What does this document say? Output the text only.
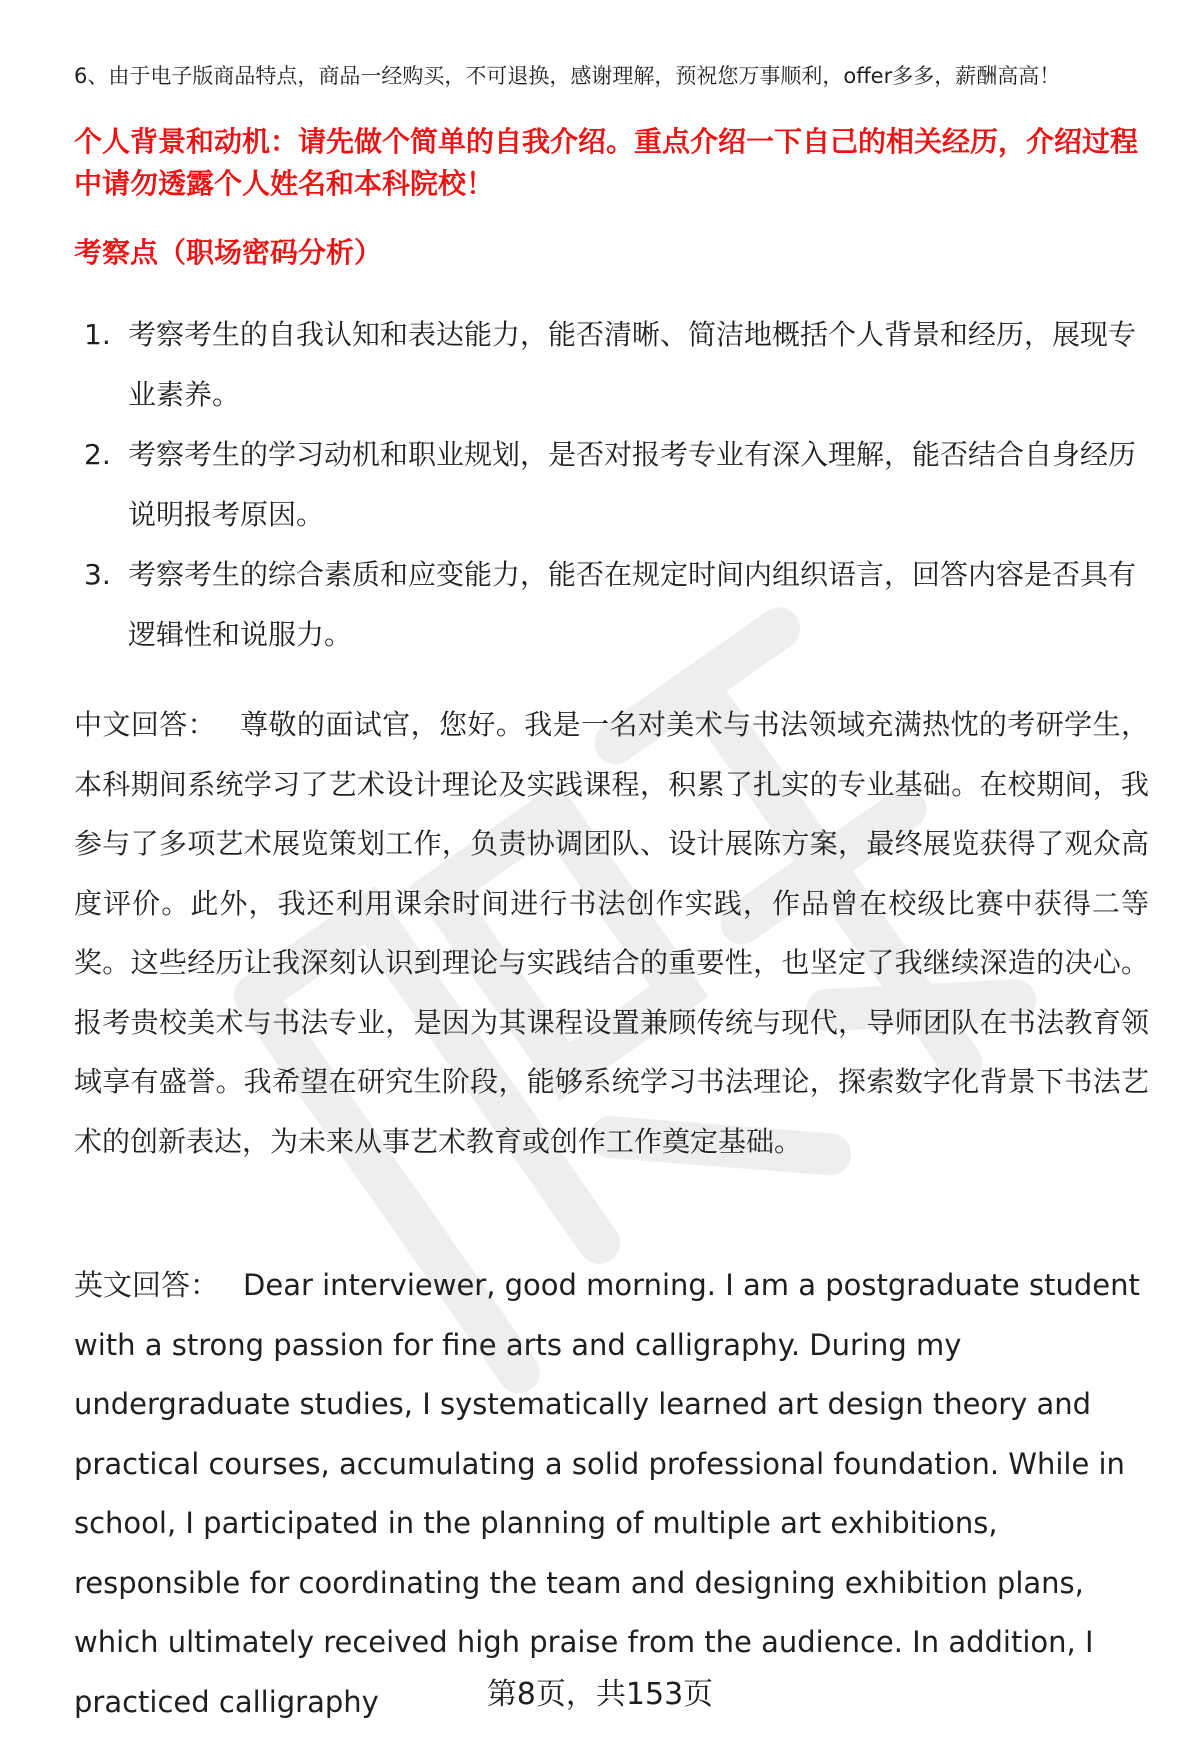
6、由于电子版商品特点，商品一经购买，不可退换，感谢理解，预祝您万事顺利，offer多多，薪酬高高！
个人背景和动机：请先做个简单的自我介绍。重点介绍一下自己的相关经历，介绍过程中请勿透露个人姓名和本科院校！
考察点（职场密码分析）
1. 考察考生的自我认知和表达能力，能否清晰、简洁地概括个人背景和经历，展现专业素养。
2. 考察考生的学习动机和职业规划，是否对报考专业有深入理解，能否结合自身经历说明报考原因。
3. 考察考生的综合素质和应变能力，能否在规定时间内组织语言，回答内容是否具有逻辑性和说服力。
中文回答： 尊敬的面试官，您好。我是一名对美术与书法领域充满热忱的考研学生，本科期间系统学习了艺术设计理论及实践课程，积累了扎实的专业基础。在校期间，我参与了多项艺术展览策划工作，负责协调团队、设计展陈方案，最终展览获得了观众高度评价。此外，我还利用课余时间进行书法创作实践，作品曾在校级比赛中获得二等奖。这些经历让我深刻认识到理论与实践结合的重要性，也坚定了我继续深造的决心。报考贵校美术与书法专业，是因为其课程设置兼顾传统与现代，导师团队在书法教育领域享有盛誉。我希望在研究生阶段，能够系统学习书法理论，探索数字化背景下书法艺术的创新表达，为未来从事艺术教育或创作工作奠定基础。
英文回答： Dear interviewer, good morning. I am a postgraduate student with a strong passion for fine arts and calligraphy. During my undergraduate studies, I systematically learned art design theory and practical courses, accumulating a solid professional foundation. While in school, I participated in the planning of multiple art exhibitions, responsible for coordinating the team and designing exhibition plans, which ultimately received high praise from the audience. In addition, I practiced calligraphy	第8页，共153页
